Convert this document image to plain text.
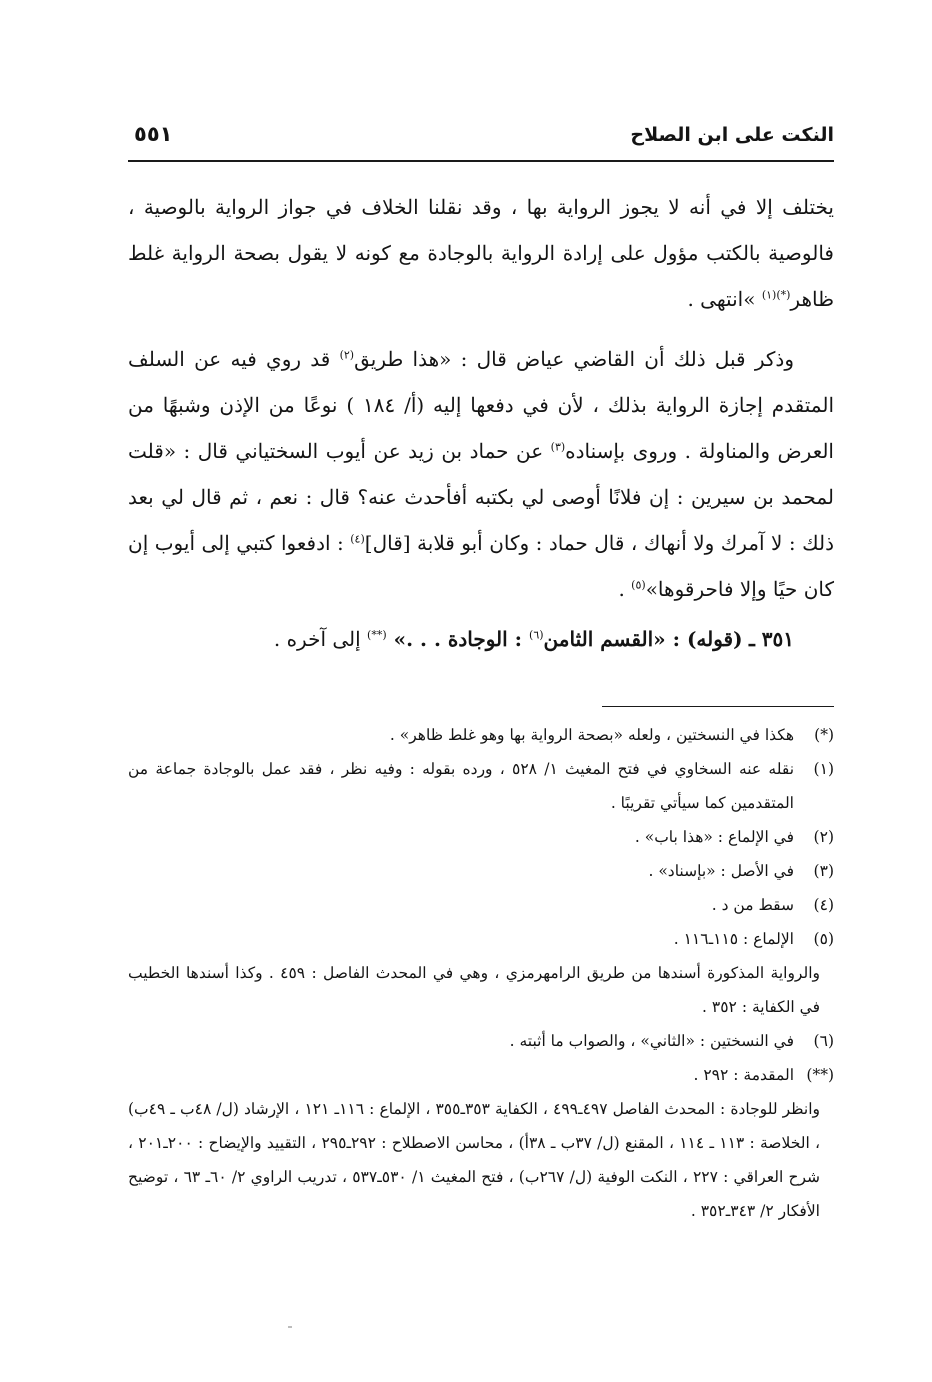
النكت على ابن الصلاح
٥٥١

يختلف إلا في أنه لا يجوز الرواية بها ، وقد نقلنا الخلاف في جواز الرواية بالوصية ، فالوصية بالكتب مؤول على إرادة الرواية بالوجادة مع كونه لا يقول بصحة الرواية غلط ظاهر$^{(*)(١)}$ »انتهى .

وذكر قبل ذلك أن القاضي عياض قال : «هذا طريق$^{(٢)}$ قد روي فيه عن السلف المتقدم إجازة الرواية بذلك ، لأن في دفعها إليه (أ/ ١٨٤ ) نوعًا من الإذن وشبهًا من العرض والمناولة . وروى بإسناده$^{(٣)}$ عن حماد بن زيد عن أيوب السختياني قال : «قلت لمحمد بن سيرين : إن فلانًا أوصى لي بكتبه أفأحدث عنه؟ قال : نعم ، ثم قال لي بعد ذلك : لا آمرك ولا أنهاك ، قال حماد : وكان أبو قلابة [قال]$^{(٤)}$ : ادفعوا كتبي إلى أيوب إن كان حيًا وإلا فاحرقوها»$^{(٥)}$ .

٣٥١ ـ (قوله) : «القسم الثامن$^{(٦)}$ : الوجادة . . .» (**) إلى آخره .

(*)
هكذا في النسختين ، ولعله «بصحة الرواية بها وهو غلط ظاهر» .

(١)
نقله عنه السخاوي في فتح المغيث ١/ ٥٢٨ ، ورده بقوله : وفيه نظر ، فقد عمل بالوجادة جماعة من المتقدمين كما سيأتي تقريبًا .

(٢)
في الإلماع : «هذا باب» .

(٣)
في الأصل : «بإسناد» .

(٤)
سقط من د .

(٥)
الإلماع : ١١٥ـ١١٦ .

والرواية المذكورة أسندها من طريق الرامهرمزي ، وهي في المحدث الفاصل : ٤٥٩ . وكذا أسندها الخطيب في الكفاية : ٣٥٢ .

(٦)
في النسختين : «الثاني» ، والصواب ما أثبته .

(**)
المقدمة : ٢٩٢ .

وانظر للوجادة : المحدث الفاصل ٤٩٧ـ٤٩٩ ، الكفاية ٣٥٣ـ٣٥٥ ، الإلماع : ١١٦ـ ١٢١ ، الإرشاد (ل/ ٤٨ب ـ ٤٩ب) ، الخلاصة : ١١٣ ـ ١١٤ ، المقنع (ل/ ٣٧ب ـ ٣٨أ) ، محاسن الاصطلاح : ٢٩٢ـ٢٩٥ ، التقييد والإيضاح : ٢٠٠ـ٢٠١ ، شرح العراقي : ٢٢٧ ، النكت الوفية (ل/ ٢٦٧ب) ، فتح المغيث ١/ ٥٣٠ـ٥٣٧ ، تدريب الراوي ٢/ ٦٠ـ ٦٣ ، توضيح الأفكار ٢/ ٣٤٣ـ٣٥٢ .
